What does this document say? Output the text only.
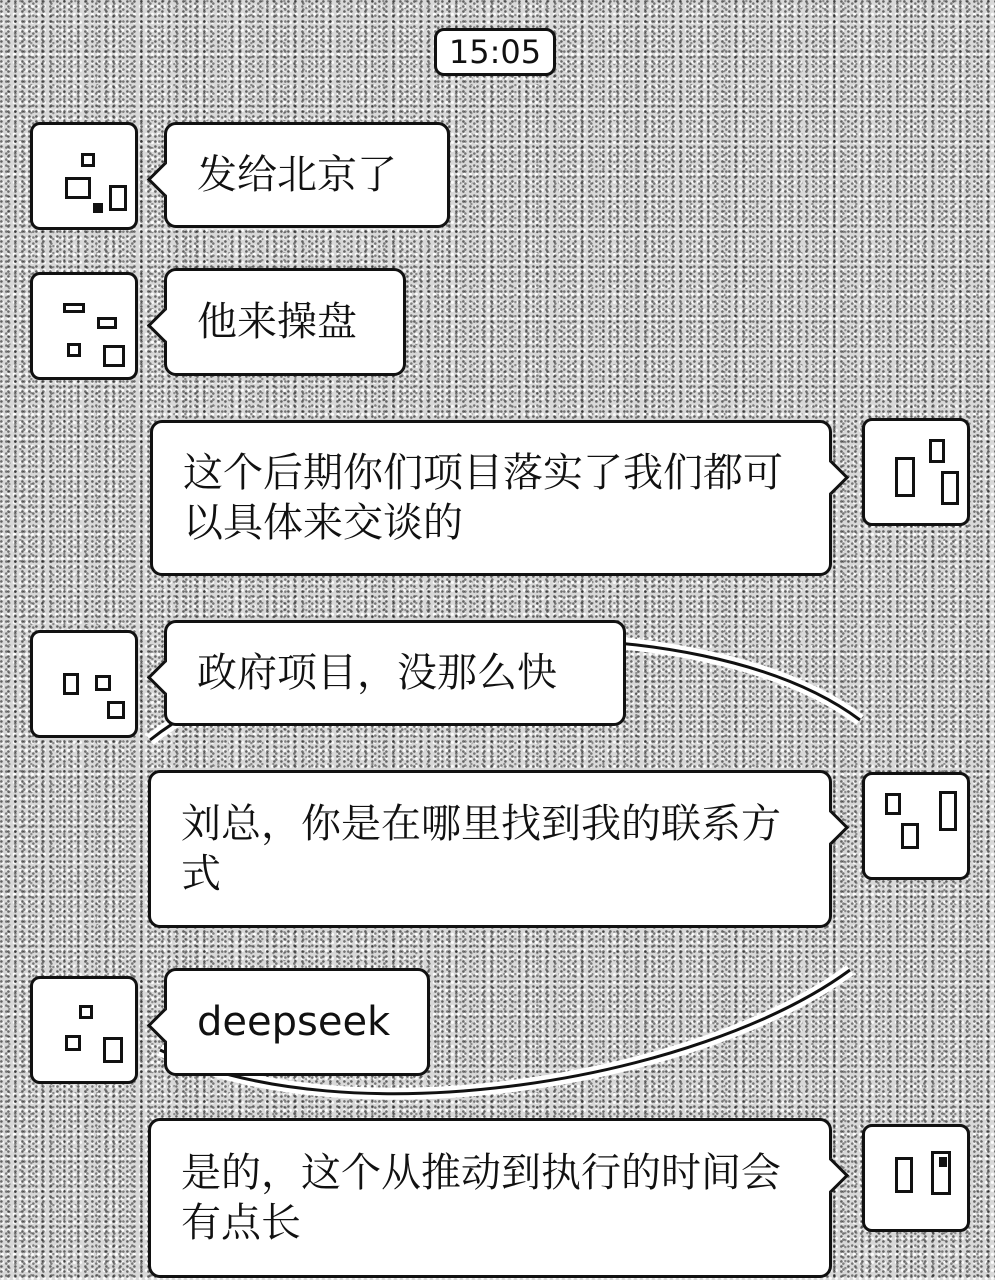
15:05
发给北京了
他来操盘
这个后期你们项目落实了我们都可以具体来交谈的
政府项目，没那么快
刘总，你是在哪里找到我的联系方式
deepseek
是的，这个从推动到执行的时间会有点长
